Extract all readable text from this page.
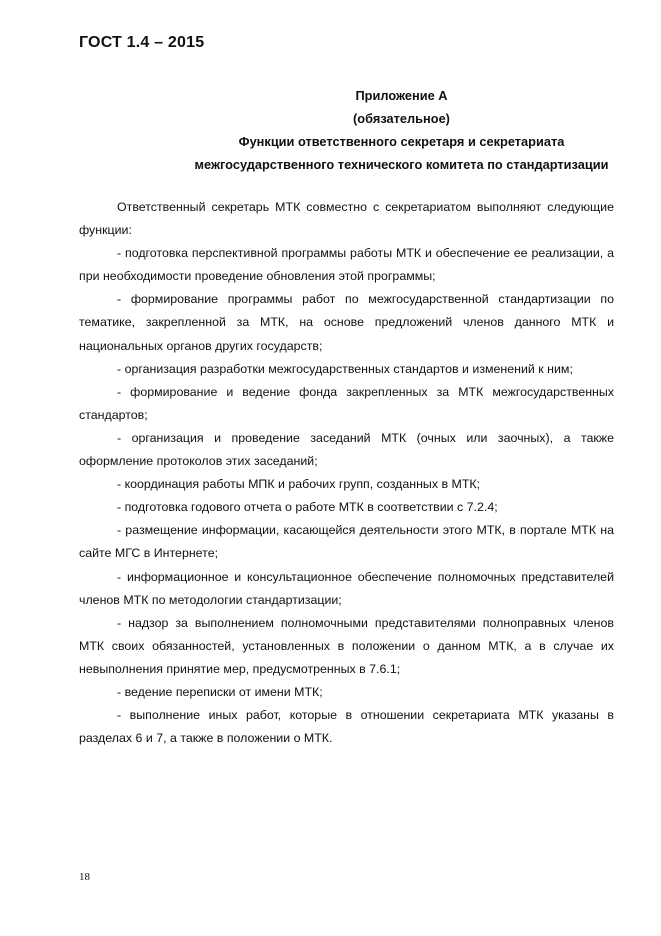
ГОСТ 1.4 – 2015
Приложение А
(обязательное)
Функции ответственного секретаря и секретариата
межгосударственного технического комитета по стандартизации

Ответственный секретарь МТК совместно с секретариатом выполняют следующие функции:

- подготовка перспективной программы работы МТК и обеспечение ее реализации, а при необходимости проведение обновления этой программы;

- формирование программы работ по межгосударственной стандартизации по тематике, закрепленной за МТК, на основе предложений членов данного МТК и национальных органов других государств;

- организация разработки межгосударственных стандартов и изменений к ним;

- формирование и ведение фонда закрепленных за МТК межгосударственных стандартов;

- организация и проведение заседаний МТК (очных или заочных), а также оформление протоколов этих заседаний;

- координация работы МПК и рабочих групп, созданных в МТК;

- подготовка годового отчета о работе МТК в соответствии с 7.2.4;

- размещение информации, касающейся деятельности этого МТК, в портале МТК на сайте МГС в Интернете;

- информационное и консультационное обеспечение полномочных представителей членов МТК по методологии стандартизации;

- надзор за выполнением полномочными представителями полноправных членов МТК своих обязанностей, установленных в положении о данном МТК, а в случае их невыполнения принятие мер, предусмотренных в 7.6.1;

- ведение переписки от имени МТК;

- выполнение иных работ, которые в отношении секретариата МТК указаны в разделах 6 и 7, а также в положении о МТК.

18
